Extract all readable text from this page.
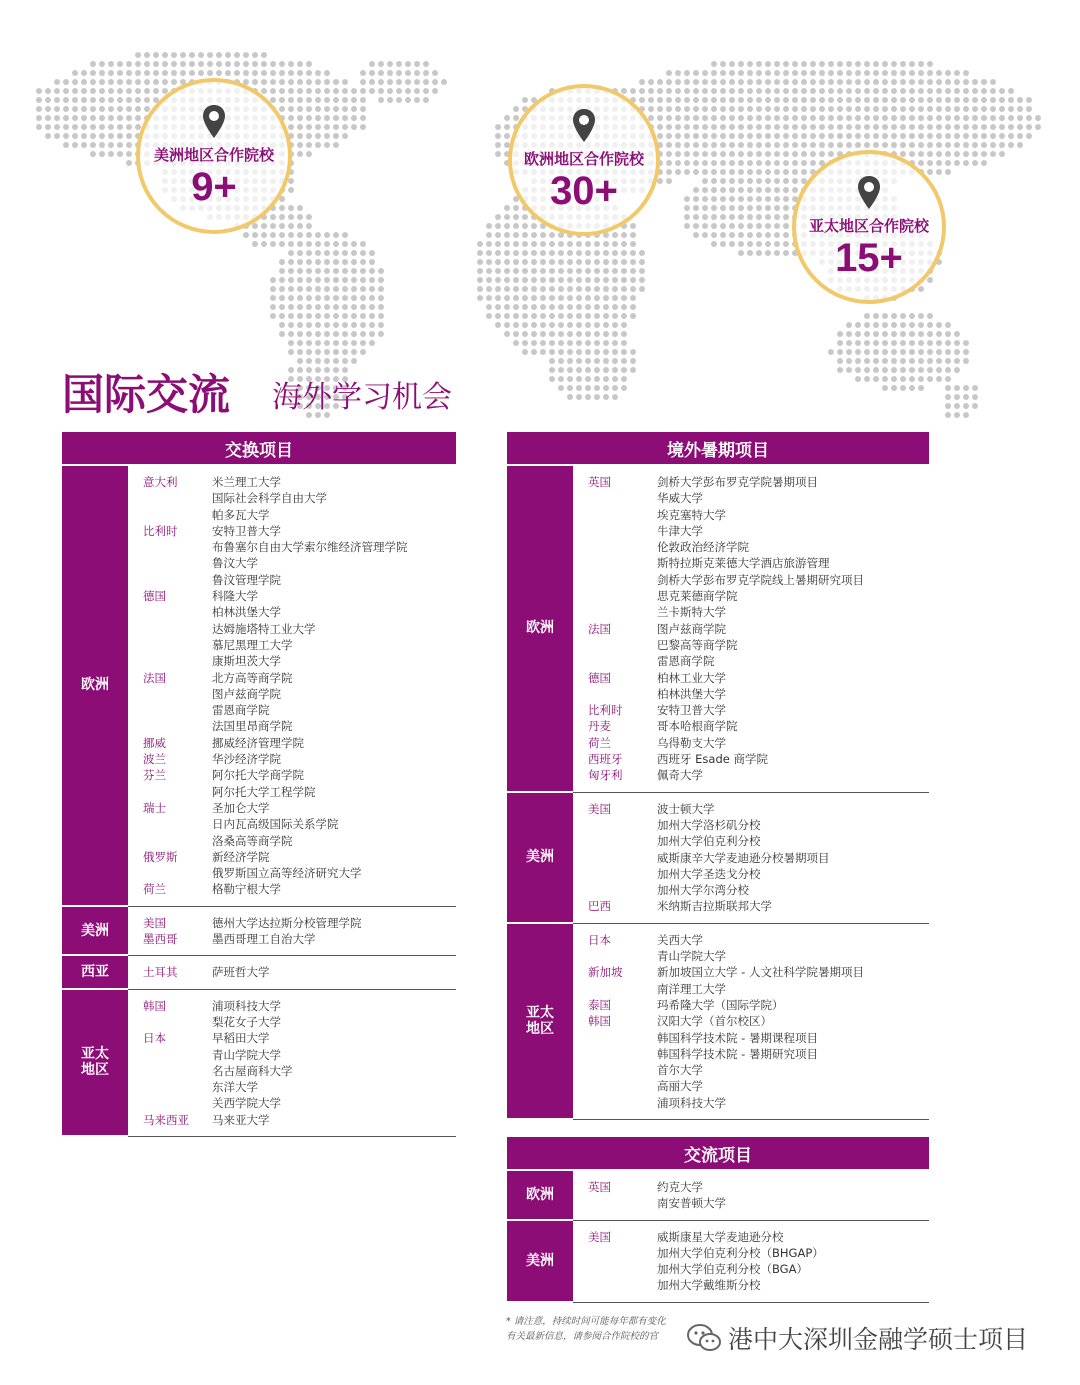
美洲地区合作院校
9+
欧洲地区合作院校
30+
亚太地区合作院校
15+
国际交流 海外学习机会
交换项目
欧洲
意大利	米兰理工大学
国际社会科学自由大学
帕多瓦大学
比利时	安特卫普大学
布鲁塞尔自由大学索尔维经济管理学院
鲁汶大学
鲁汶管理学院
德国	科隆大学
柏林洪堡大学
达姆施塔特工业大学
慕尼黑理工大学
康斯坦茨大学
法国	北方高等商学院
图卢兹商学院
雷恩商学院
法国里昂商学院
挪威	挪威经济管理学院
波兰	华沙经济学院
芬兰	阿尔托大学商学院
阿尔托大学工程学院
瑞士	圣加仑大学
日内瓦高级国际关系学院
洛桑高等商学院
俄罗斯	新经济学院
俄罗斯国立高等经济研究大学
荷兰	格勒宁根大学
美洲	美国	德州大学达拉斯分校管理学院
墨西哥	墨西哥理工自治大学
西亚	土耳其	萨班哲大学
亚太
地区
韩国	浦项科技大学
梨花女子大学
日本	早稻田大学
青山学院大学
名古屋商科大学
东洋大学
关西学院大学
马来西亚	马来亚大学
境外暑期项目
欧洲
英国	剑桥大学彭布罗克学院暑期项目
华威大学
埃克塞特大学
牛津大学
伦敦政治经济学院
斯特拉斯克莱德大学酒店旅游管理
剑桥大学彭布罗克学院线上暑期研究项目
思克莱德商学院
兰卡斯特大学
法国	图卢兹商学院
巴黎高等商学院
雷恩商学院
德国	柏林工业大学
柏林洪堡大学
比利时	安特卫普大学
丹麦	哥本哈根商学院
荷兰	乌得勒支大学
西班牙	西班牙 Esade 商学院
匈牙利	佩奇大学
美洲
美国	波士顿大学
加州大学洛杉矶分校
加州大学伯克利分校
威斯康辛大学麦迪逊分校暑期项目
加州大学圣迭戈分校
加州大学尔湾分校
巴西	米纳斯吉拉斯联邦大学
亚太
地区
日本	关西大学
青山学院大学
新加坡	新加坡国立大学 - 人文社科学院暑期项目
南洋理工大学
泰国	玛希隆大学（国际学院）
韩国	汉阳大学（首尔校区）
韩国科学技术院 - 暑期课程项目
韩国科学技术院 - 暑期研究项目
首尔大学
高丽大学
浦项科技大学
交流项目
欧洲	英国	约克大学
南安普顿大学
美洲
美国	威斯康星大学麦迪逊分校
加州大学伯克利分校（BHGAP）
加州大学伯克利分校（BGA）
加州大学戴维斯分校
* 请注意，持续时间可能每年都有变化
有关最新信息，请参阅合作院校的官	港中大深圳金融学硕士项目
